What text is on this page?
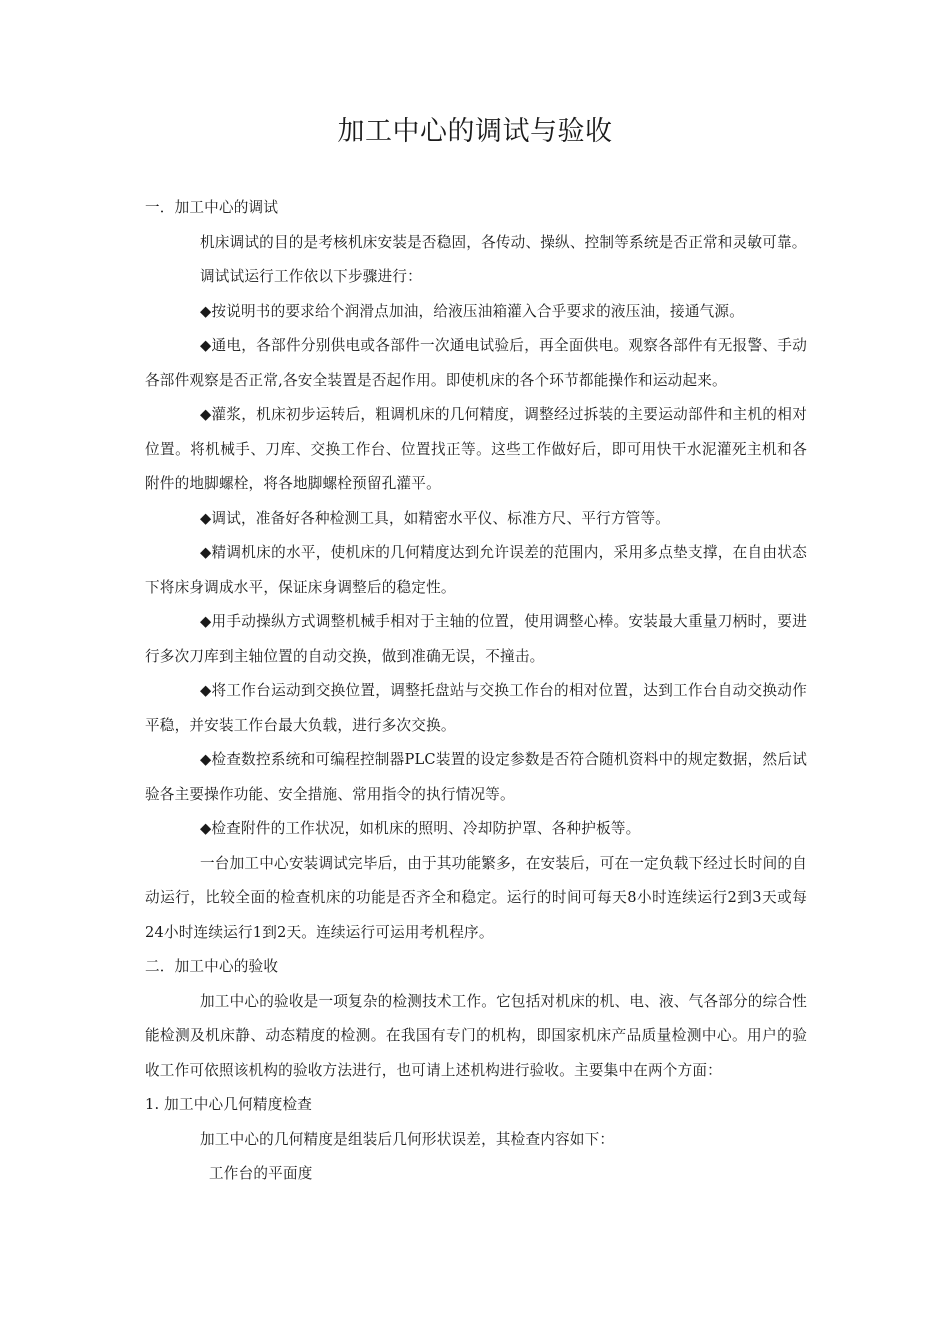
加工中心的调试与验收

一．加工中心的调试

机床调试的目的是考核机床安装是否稳固，各传动、操纵、控制等系统是否正常和灵敏可靠。

调试试运行工作依以下步骤进行：

◆按说明书的要求给个润滑点加油，给液压油箱灌入合乎要求的液压油，接通气源。

◆通电，各部件分别供电或各部件一次通电试验后，再全面供电。观察各部件有无报警、手动各部件观察是否正常,各安全装置是否起作用。即使机床的各个环节都能操作和运动起来。

◆灌浆，机床初步运转后，粗调机床的几何精度，调整经过拆装的主要运动部件和主机的相对位置。将机械手、刀库、交换工作台、位置找正等。这些工作做好后，即可用快干水泥灌死主机和各附件的地脚螺栓，将各地脚螺栓预留孔灌平。

◆调试，准备好各种检测工具，如精密水平仪、标准方尺、平行方管等。

◆精调机床的水平，使机床的几何精度达到允许误差的范围内，采用多点垫支撑，在自由状态下将床身调成水平，保证床身调整后的稳定性。

◆用手动操纵方式调整机械手相对于主轴的位置，使用调整心棒。安装最大重量刀柄时，要进行多次刀库到主轴位置的自动交换，做到准确无误，不撞击。

◆将工作台运动到交换位置，调整托盘站与交换工作台的相对位置，达到工作台自动交换动作平稳，并安装工作台最大负载，进行多次交换。

◆检查数控系统和可编程控制器PLC装置的设定参数是否符合随机资料中的规定数据，然后试验各主要操作功能、安全措施、常用指令的执行情况等。

◆检查附件的工作状况，如机床的照明、冷却防护罩、各种护板等。

一台加工中心安装调试完毕后，由于其功能繁多，在安装后，可在一定负载下经过长时间的自动运行，比较全面的检查机床的功能是否齐全和稳定。运行的时间可每天8小时连续运行2到3天或每24小时连续运行1到2天。连续运行可运用考机程序。

二．加工中心的验收

加工中心的验收是一项复杂的检测技术工作。它包括对机床的机、电、液、气各部分的综合性能检测及机床静、动态精度的检测。在我国有专门的机构，即国家机床产品质量检测中心。用户的验收工作可依照该机构的验收方法进行，也可请上述机构进行验收。主要集中在两个方面：

1. 加工中心几何精度检查

加工中心的几何精度是组装后几何形状误差，其检查内容如下：

工作台的平面度
